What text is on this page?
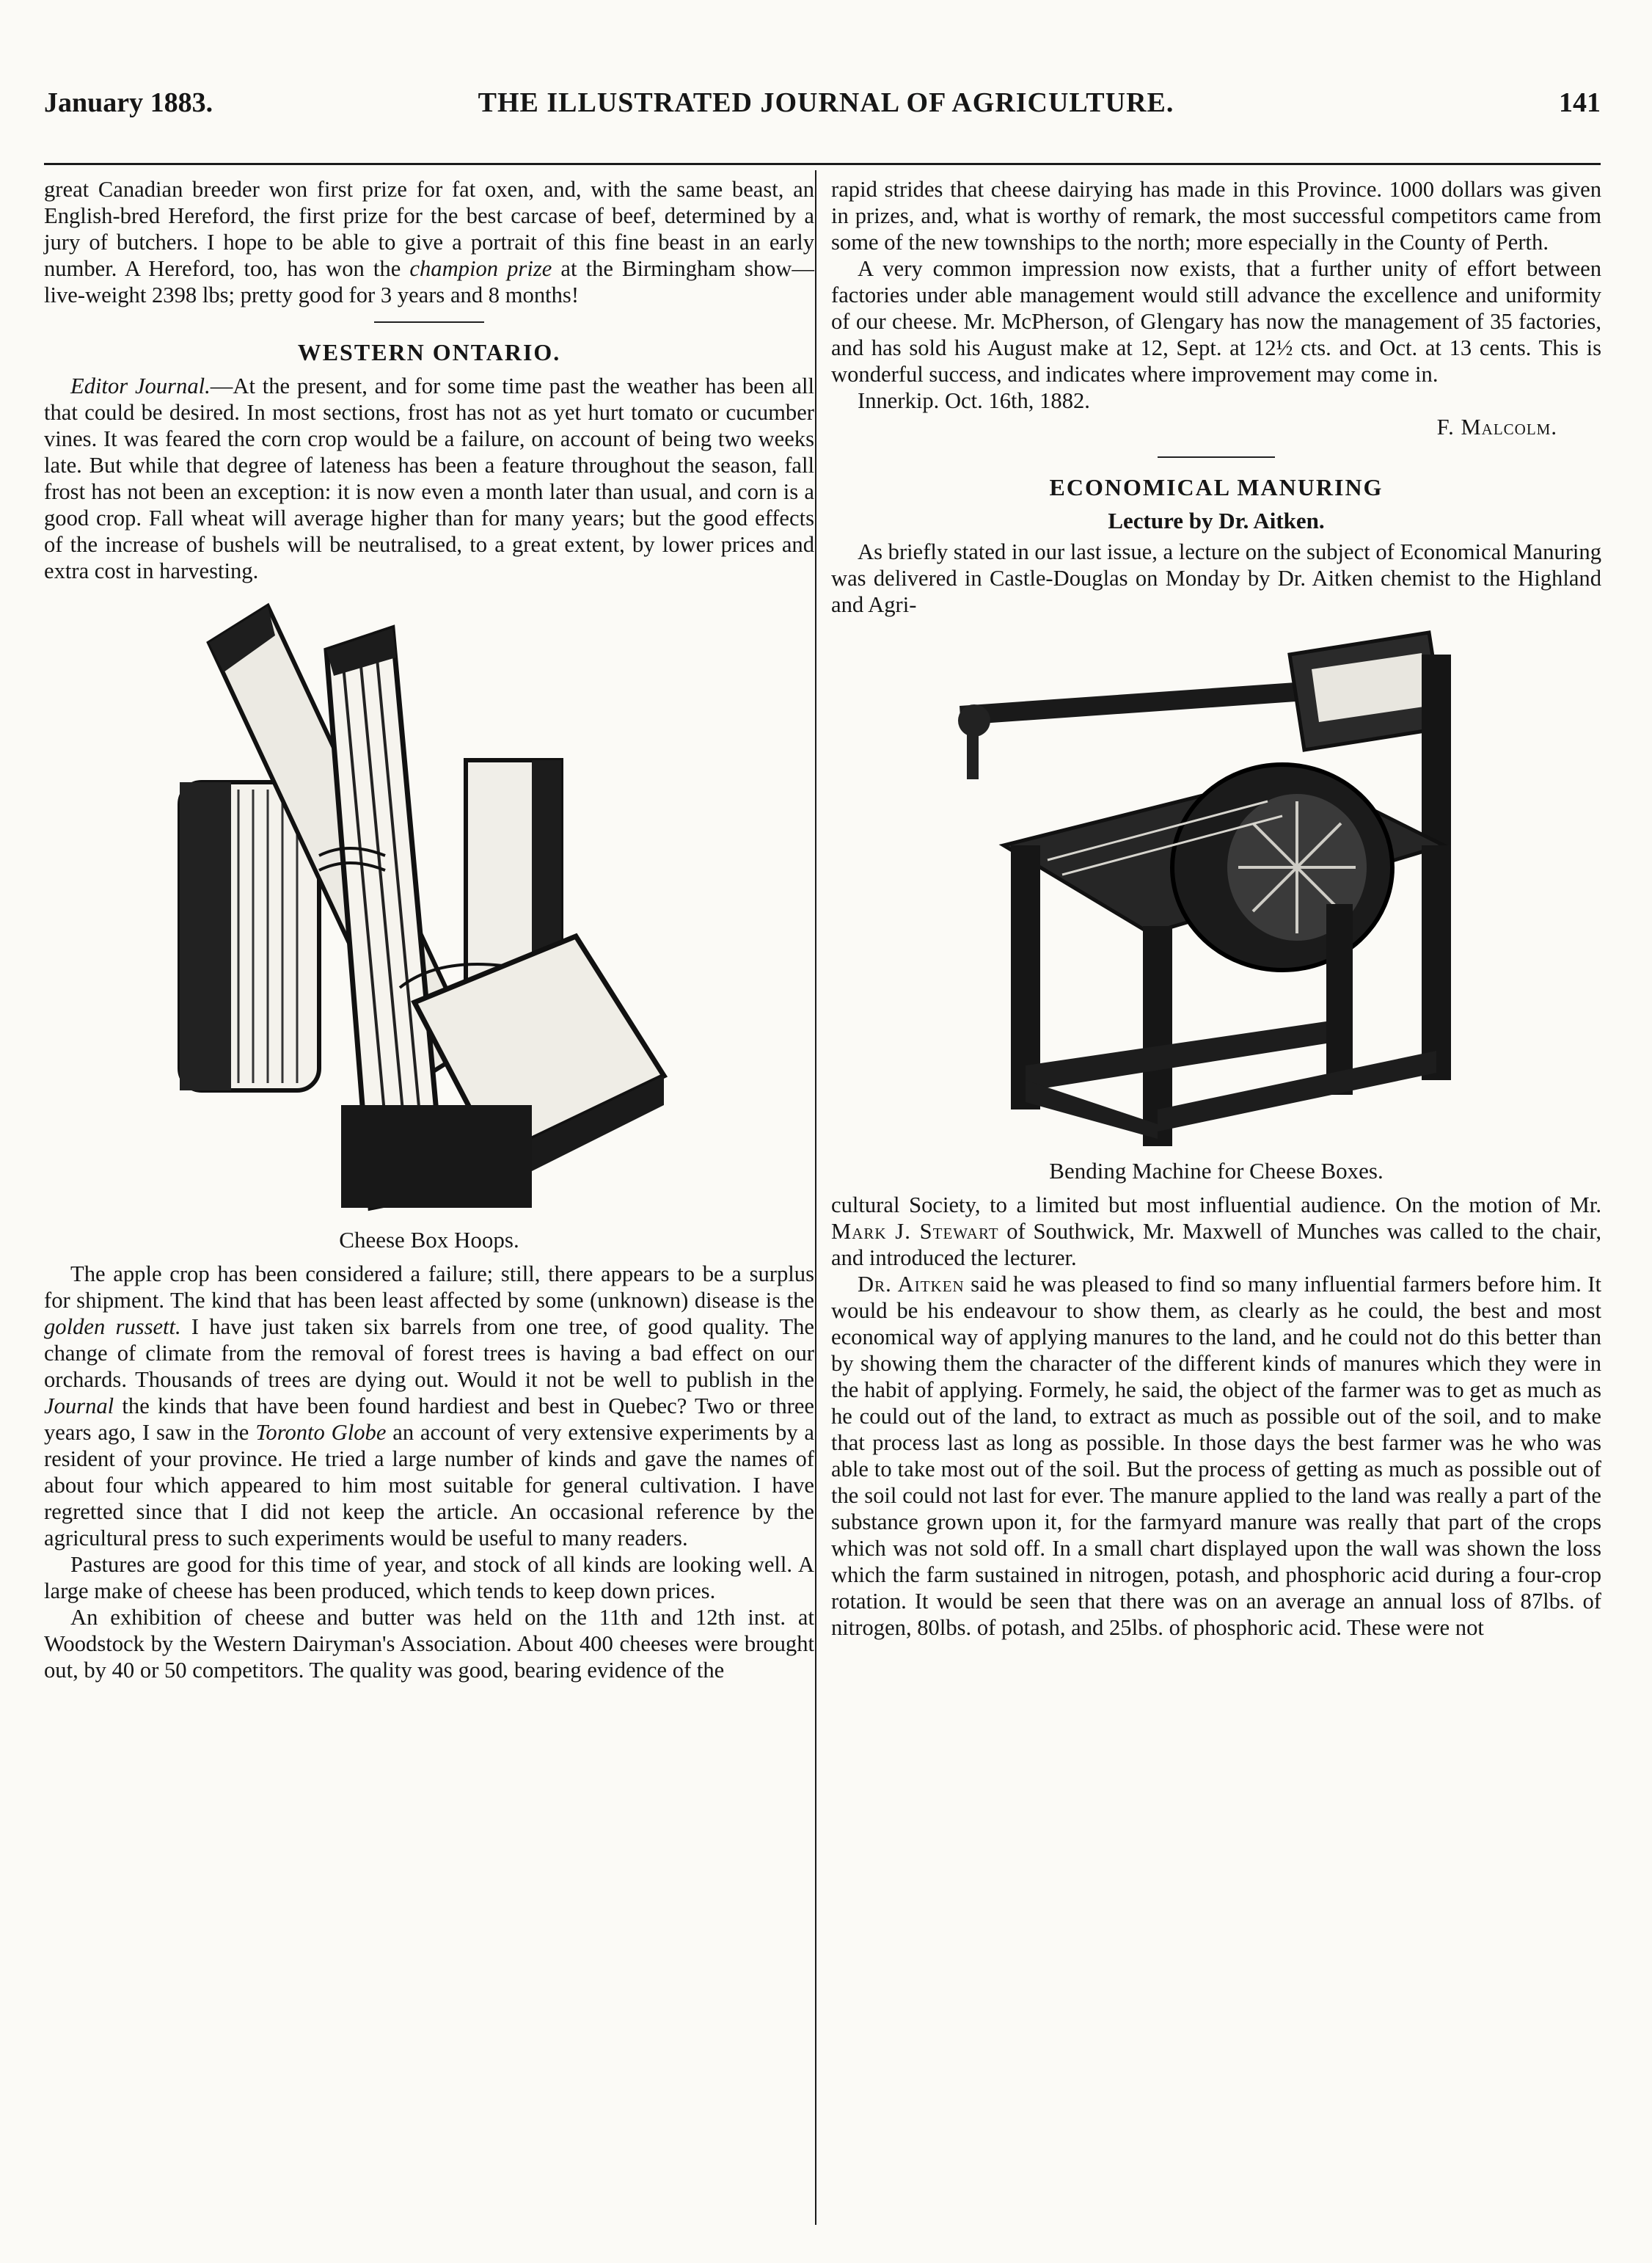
January 1883.	THE ILLUSTRATED JOURNAL OF AGRICULTURE.	141

great Canadian breeder won first prize for fat oxen, and, with the same beast, an English-bred Hereford, the first prize for the best carcase of beef, determined by a jury of butchers. I hope to be able to give a portrait of this fine beast in an early number. A Hereford, too, has won the champion prize at the Birmingham show—live-weight 2398 lbs; pretty good for 3 years and 8 months!

WESTERN ONTARIO.

Editor Journal.—At the present, and for some time past the weather has been all that could be desired. In most sections, frost has not as yet hurt tomato or cucumber vines. It was feared the corn crop would be a failure, on account of being two weeks late. But while that degree of lateness has been a feature throughout the season, fall frost has not been an exception: it is now even a month later than usual, and corn is a good crop. Fall wheat will average higher than for many years; but the good effects of the increase of bushels will be neutralised, to a great extent, by lower prices and extra cost in harvesting.

Cheese Box Hoops.

The apple crop has been considered a failure; still, there appears to be a surplus for shipment. The kind that has been least affected by some (unknown) disease is the golden russett. I have just taken six barrels from one tree, of good quality. The change of climate from the removal of forest trees is having a bad effect on our orchards. Thousands of trees are dying out. Would it not be well to publish in the Journal the kinds that have been found hardiest and best in Quebec? Two or three years ago, I saw in the Toronto Globe an account of very extensive experiments by a resident of your province. He tried a large number of kinds and gave the names of about four which appeared to him most suitable for general cultivation. I have regretted since that I did not keep the article. An occasional reference by the agricultural press to such experiments would be useful to many readers.

Pastures are good for this time of year, and stock of all kinds are looking well. A large make of cheese has been produced, which tends to keep down prices.

An exhibition of cheese and butter was held on the 11th and 12th inst. at Woodstock by the Western Dairyman's Association. About 400 cheeses were brought out, by 40 or 50 competitors. The quality was good, bearing evidence of the

rapid strides that cheese dairying has made in this Province. 1000 dollars was given in prizes, and, what is worthy of remark, the most successful competitors came from some of the new townships to the north; more especially in the County of Perth.

A very common impression now exists, that a further unity of effort between factories under able management would still advance the excellence and uniformity of our cheese. Mr. McPherson, of Glengary has now the management of 35 factories, and has sold his August make at 12, Sept. at 12½ cts. and Oct. at 13 cents. This is wonderful success, and indicates where improvement may come in.

Innerkip. Oct. 16th, 1882.

F. Malcolm.

ECONOMICAL MANURING
Lecture by Dr. Aitken.

As briefly stated in our last issue, a lecture on the subject of Economical Manuring was delivered in Castle-Douglas on Monday by Dr. Aitken chemist to the Highland and Agri-

Bending Machine for Cheese Boxes.

cultural Society, to a limited but most influential audience. On the motion of Mr. Mark J. Stewart of Southwick, Mr. Maxwell of Munches was called to the chair, and introduced the lecturer.

Dr. Aitken said he was pleased to find so many influential farmers before him. It would be his endeavour to show them, as clearly as he could, the best and most economical way of applying manures to the land, and he could not do this better than by showing them the character of the different kinds of manures which they were in the habit of applying. Formely, he said, the object of the farmer was to get as much as he could out of the land, to extract as much as possible out of the soil, and to make that process last as long as possible. In those days the best farmer was he who was able to take most out of the soil. But the process of getting as much as possible out of the soil could not last for ever. The manure applied to the land was really a part of the substance grown upon it, for the farmyard manure was really that part of the crops which was not sold off. In a small chart displayed upon the wall was shown the loss which the farm sustained in nitrogen, potash, and phosphoric acid during a four-crop rotation. It would be seen that there was on an average an annual loss of 87lbs. of nitrogen, 80lbs. of potash, and 25lbs. of phosphoric acid. These were not
